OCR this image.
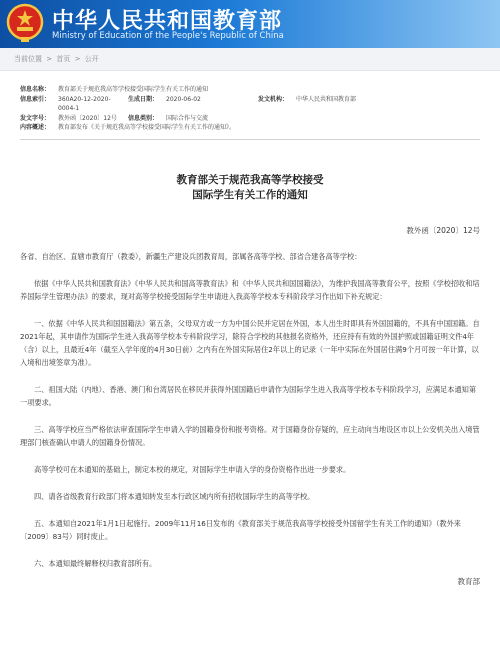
中华人民共和国教育部
Ministry of Education of the People's Republic of China
当前位置 > 首页 > 公开
信息名称：	教育部关于规范我高等学校接受国际学生有关工作的通知				
信息索引：	360A20-12-2020-0004-1	生成日期：	2020-06-02	发文机构：	中华人民共和国教育部
发文字号：	教外函〔2020〕12号	信息类别：	国际合作与交流		
内容概述：	教育部发布《关于规范我高等学校接受国际学生有关工作的通知》。				
教育部关于规范我高等学校接受
国际学生有关工作的通知
教外函〔2020〕12号

各省、自治区、直辖市教育厅（教委），新疆生产建设兵团教育局，部属各高等学校、部省合建各高等学校：

依据《中华人民共和国教育法》《中华人民共和国高等教育法》和《中华人民共和国国籍法》，为维护我国高等教育公平，按照《学校招收和培养国际学生管理办法》的要求，现对高等学校接受国际学生申请进入我高等学校本专科阶段学习作出如下补充规定：

一、依据《中华人民共和国国籍法》第五条，父母双方或一方为中国公民并定居在外国，本人出生时即具有外国国籍的，不具有中国国籍。自2021年起，其申请作为国际学生进入我高等学校本专科阶段学习，除符合学校的其他报名资格外，还应持有有效的外国护照或国籍证明文件4年（含）以上，且最近4年（截至入学年度的4月30日前）之内有在外国实际居住2年以上的记录（一年中实际在外国居住满9个月可按一年计算，以入境和出境签章为准）。

二、祖国大陆（内地）、香港、澳门和台湾居民在移民并获得外国国籍后申请作为国际学生进入我高等学校本专科阶段学习，应满足本通知第一项要求。

三、高等学校应当严格依法审查国际学生申请入学的国籍身份和报考资格。对于国籍身份存疑的，应主动向当地设区市以上公安机关出入境管理部门核查确认申请人的国籍身份情况。

高等学校可在本通知的基础上，制定本校的规定，对国际学生申请入学的身份资格作出进一步要求。

四、请各省级教育行政部门将本通知转发至本行政区域内所有招收国际学生的高等学校。

五、本通知自2021年1月1日起施行。2009年11月16日发布的《教育部关于规范我高等学校接受外国留学生有关工作的通知》（教外来〔2009〕83号）同时废止。

六、本通知最终解释权归教育部所有。

教育部
